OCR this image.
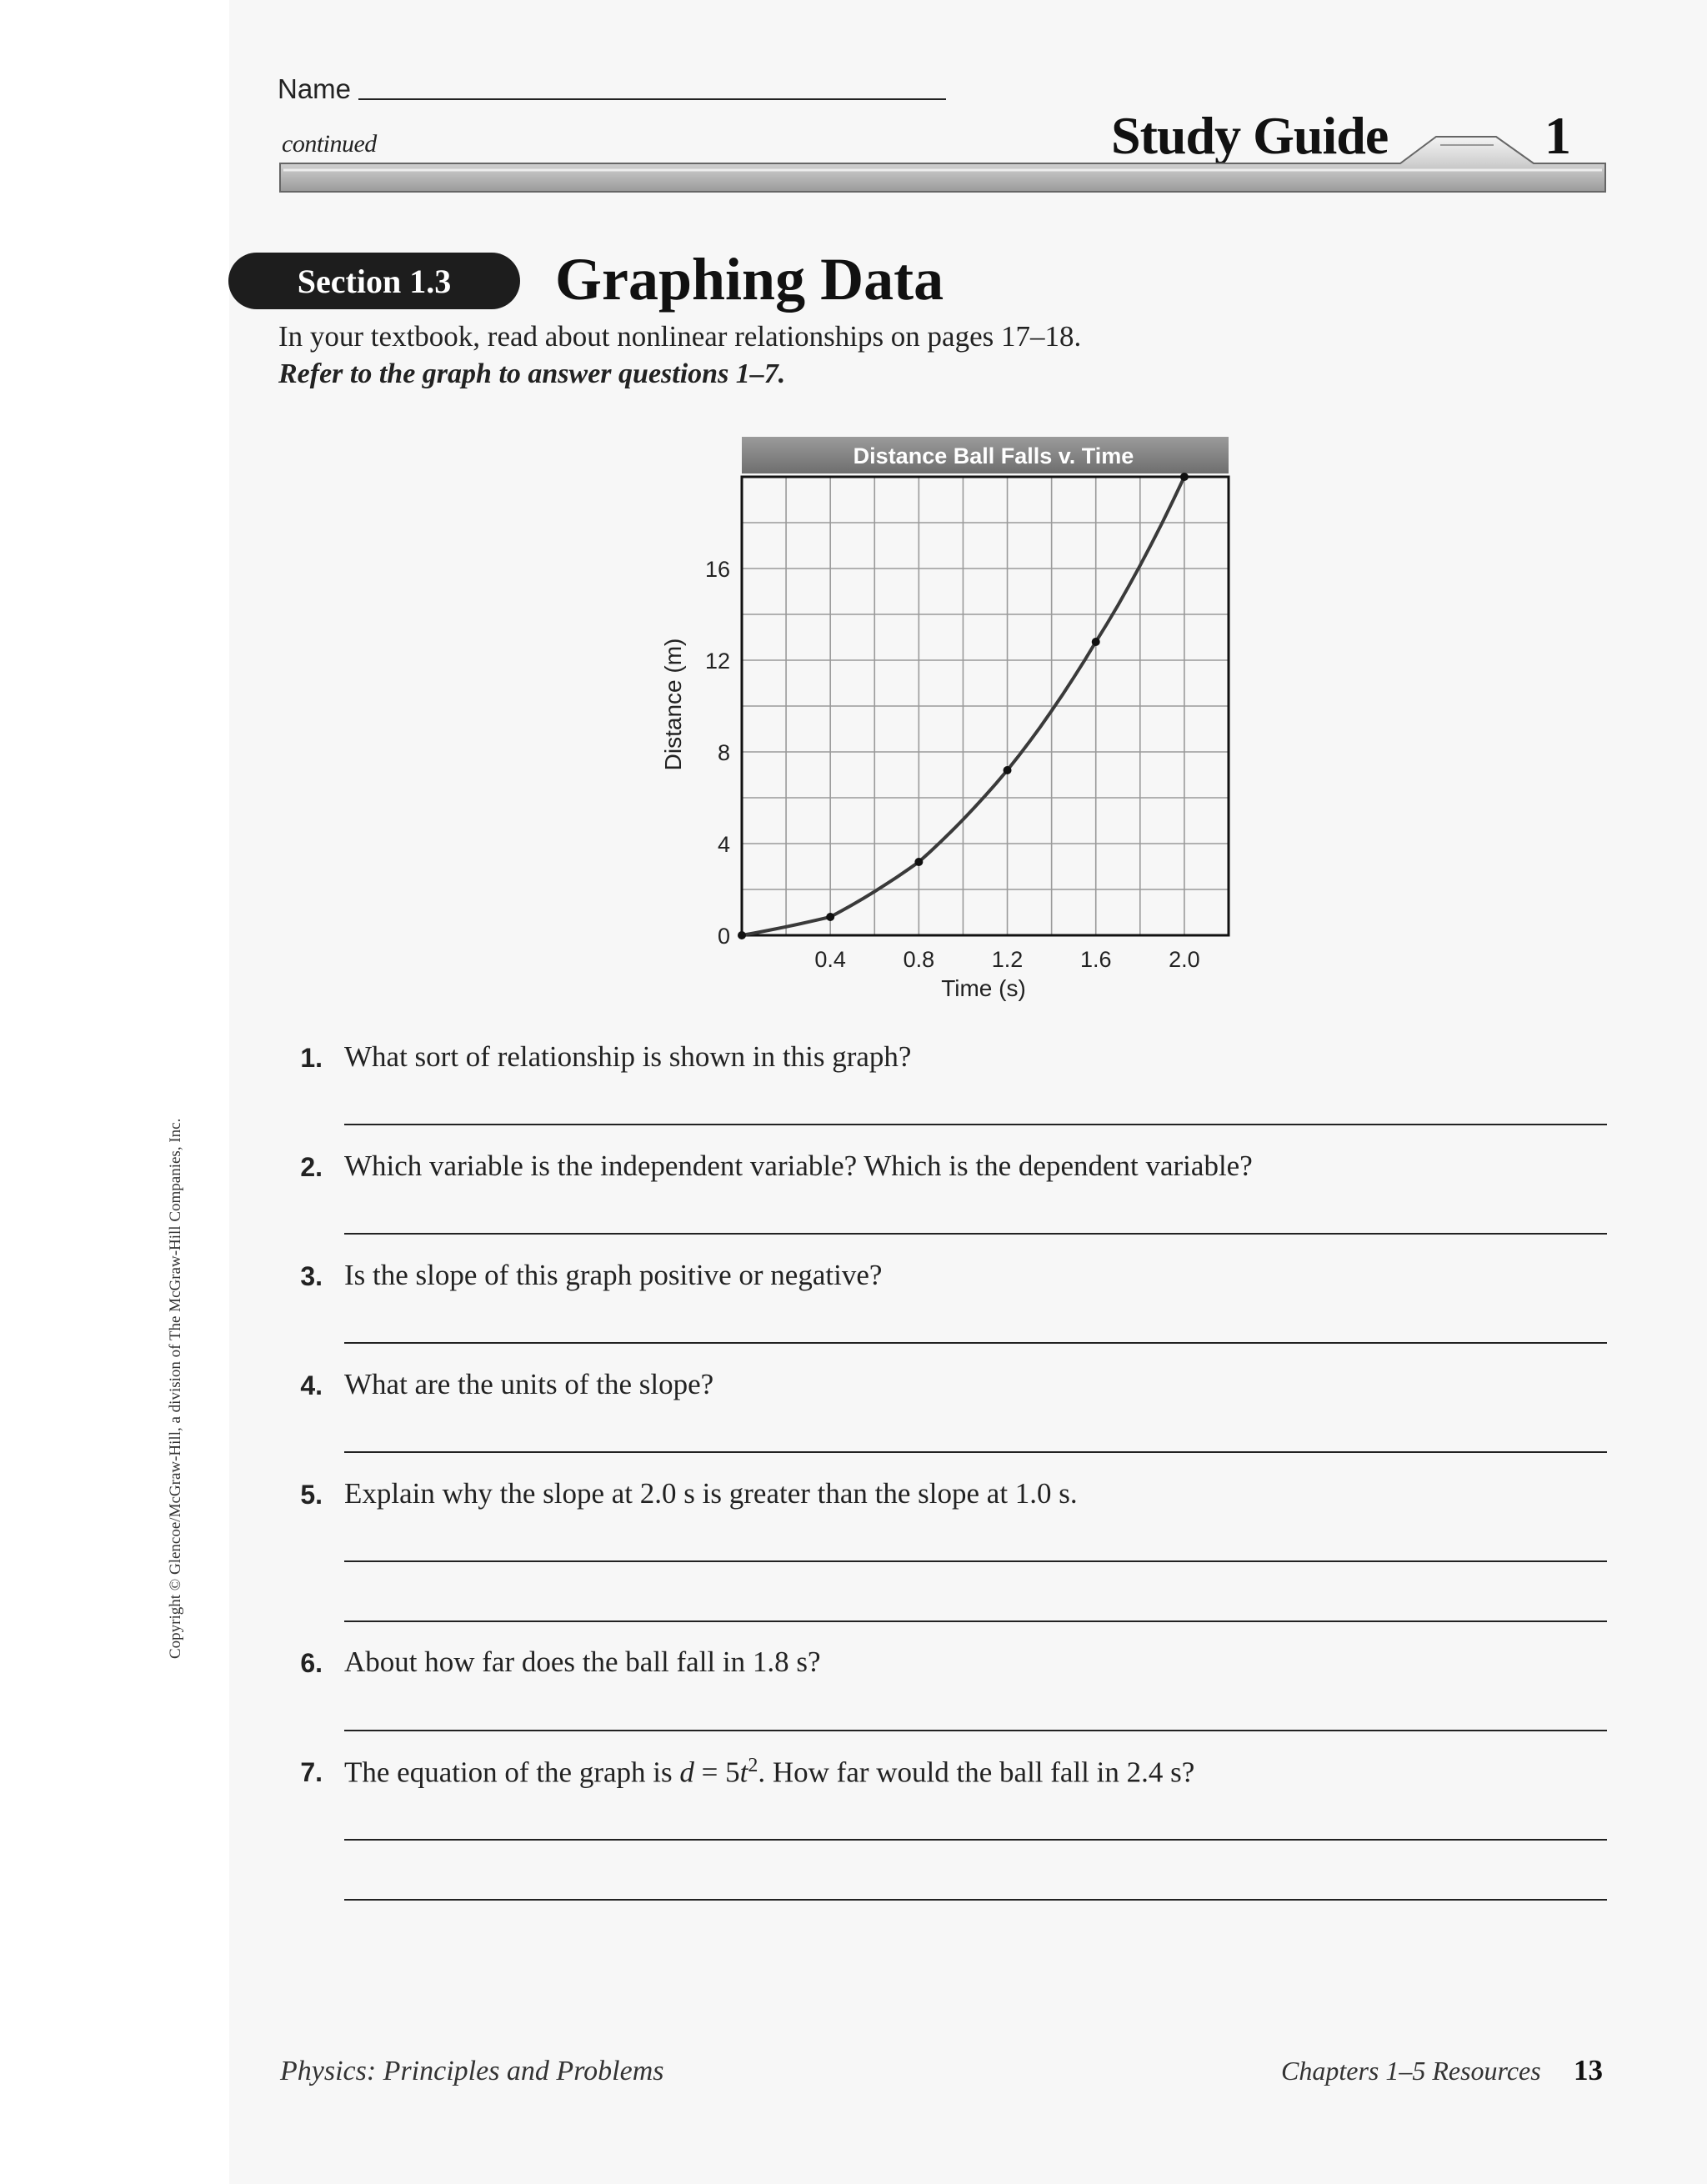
Name
continued	Study Guide	1
Section 1.3	Graphing Data
In your textbook, read about nonlinear relationships on pages 17–18.
Refer to the graph to answer questions 1–7.
Distance Ball Falls v. Time
0
4
8
12
16
0.4	0.8	1.2	1.6	2.0
Time (s)
Distance (m)
1. What sort of relationship is shown in this graph?
2. Which variable is the independent variable? Which is the dependent variable?
3. Is the slope of this graph positive or negative?
4. What are the units of the slope?
5. Explain why the slope at 2.0 s is greater than the slope at 1.0 s.
6. About how far does the ball fall in 1.8 s?
7. The equation of the graph is $d = 5t^2$. How far would the ball fall in 2.4 s?
Copyright © Glencoe/McGraw-Hill, a division of The McGraw-Hill Companies, Inc.
Physics: Principles and Problems	Chapters 1–5 Resources 13
